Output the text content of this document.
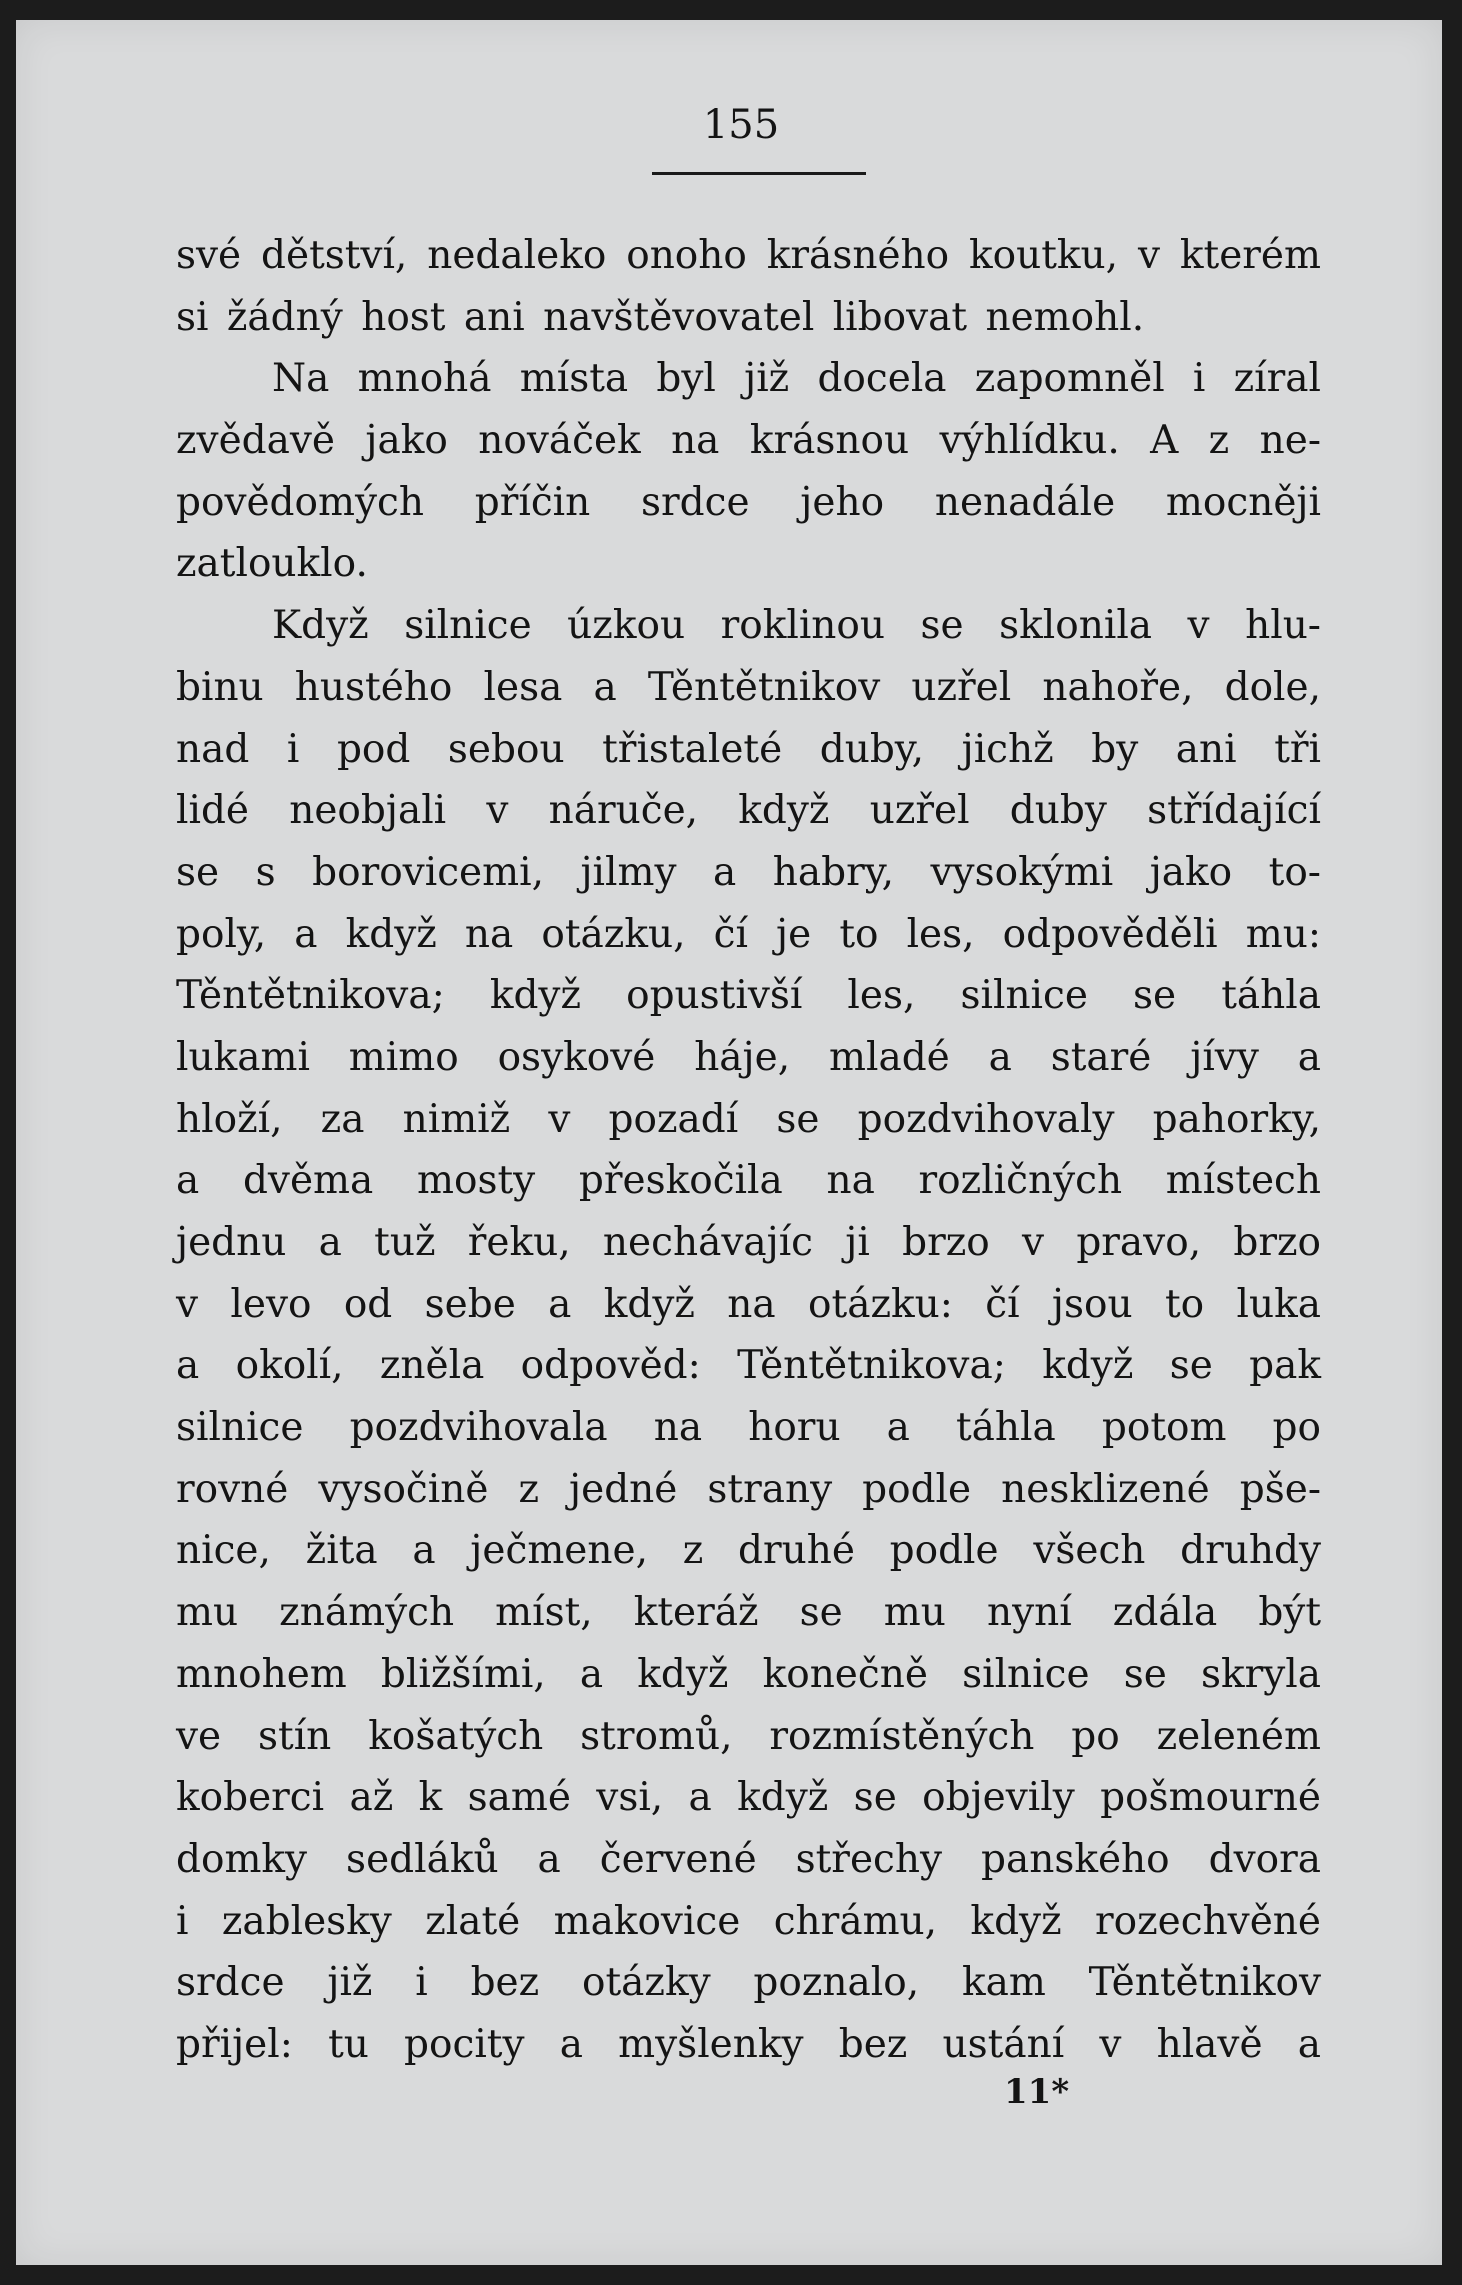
155
své dětství, nedaleko onoho krásného koutku, v kterém
si žádný host ani navštěvovatel libovat nemohl.
Na mnohá místa byl již docela zapomněl i zíral
zvědavě jako nováček na krásnou výhlídku. A z ne-
povědomých příčin srdce jeho nenadále mocněji
zatlouklo.
Když silnice úzkou roklinou se sklonila v hlu-
binu hustého lesa a Těntětnikov uzřel nahoře, dole,
nad i pod sebou třistaleté duby, jichž by ani tři
lidé neobjali v náruče, když uzřel duby střídající
se s borovicemi, jilmy a habry, vysokými jako to-
poly, a když na otázku, čí je to les, odpověděli mu:
Těntětnikova; když opustivší les, silnice se táhla
lukami mimo osykové háje, mladé a staré jívy a
hloží, za nimiž v pozadí se pozdvihovaly pahorky,
a dvěma mosty přeskočila na rozličných místech
jednu a tuž řeku, nechávajíc ji brzo v pravo, brzo
v levo od sebe a když na otázku: čí jsou to luka
a okolí, zněla odpověd: Těntětnikova; když se pak
silnice pozdvihovala na horu a táhla potom po
rovné vysočině z jedné strany podle nesklizené pše-
nice, žita a ječmene, z druhé podle všech druhdy
mu známých míst, kteráž se mu nyní zdála být
mnohem bližšími, a když konečně silnice se skryla
ve stín košatých stromů, rozmístěných po zeleném
koberci až k samé vsi, a když se objevily pošmourné
domky sedláků a červené střechy panského dvora
i zablesky zlaté makovice chrámu, když rozechvěné
srdce již i bez otázky poznalo, kam Těntětnikov
přijel: tu pocity a myšlenky bez ustání v hlavě a
11*
